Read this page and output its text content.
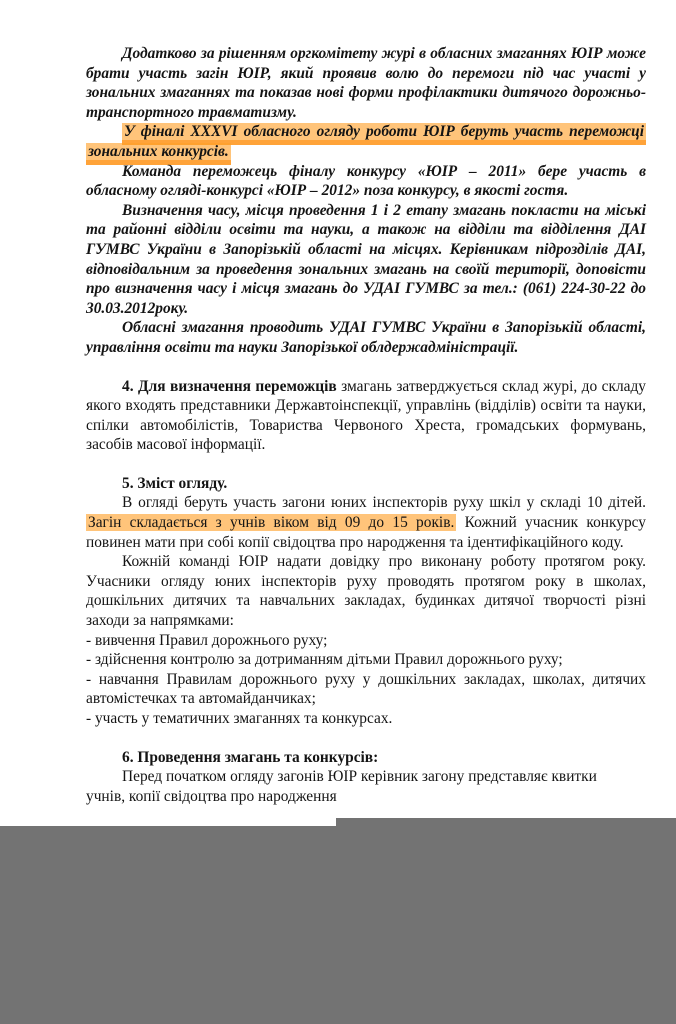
Додатково за рішенням оргкомітету журі в обласних змаганнях ЮІР може брати участь загін ЮІР, який проявив волю до перемоги під час участі у зональних змаганнях та показав нові форми профілактики дитячого дорожньо-транспортного травматизму.

У фіналі XXXVI обласного огляду роботи ЮІР беруть участь переможці зональних конкурсів.

Команда переможець фіналу конкурсу «ЮІР – 2011» бере участь в обласному огляді-конкурсі «ЮІР – 2012» поза конкурсу, в якості гостя.

Визначення часу, місця проведення 1 і 2 етапу змагань покласти на міські та районні відділи освіти та науки, а також на відділи та відділення ДАІ ГУМВС України в Запорізькій області на місцях. Керівникам підрозділів ДАІ, відповідальним за проведення зональних змагань на своїй території, доповісти про визначення часу і місця змагань до УДАІ ГУМВС за тел.: (061) 224-30-22 до 30.03.2012року.

Обласні змагання проводить УДАІ ГУМВС України в Запорізькій області, управління освіти та науки Запорізької облдержадміністрації.

4. Для визначення переможців змагань затверджується склад журі, до складу якого входять представники Державтоінспекції, управлінь (відділів) освіти та науки, спілки автомобілістів, Товариства Червоного Хреста, громадських формувань, засобів масової інформації.

5. Зміст огляду.

В огляді беруть участь загони юних інспекторів руху шкіл у складі 10 дітей. Загін складається з учнів віком від 09 до 15 років. Кожний учасник конкурсу повинен мати при собі копії свідоцтва про народження та ідентифікаційного коду.

Кожній команді ЮІР надати довідку про виконану роботу протягом року. Учасники огляду юних інспекторів руху проводять протягом року в школах, дошкільних дитячих та навчальних закладах, будинках дитячої творчості різні заходи за напрямками:

- вивчення Правил дорожнього руху;

- здійснення контролю за дотриманням дітьми Правил дорожнього руху;

- навчання Правилам дорожнього руху у дошкільних закладах, школах, дитячих автомістечках та автомайданчиках;

- участь у тематичних змаганнях та конкурсах.

6. Проведення змагань та конкурсів:

Перед початком огляду загонів ЮІР керівник загону представляє квитки

учнів, копії свідоцтва про народження
